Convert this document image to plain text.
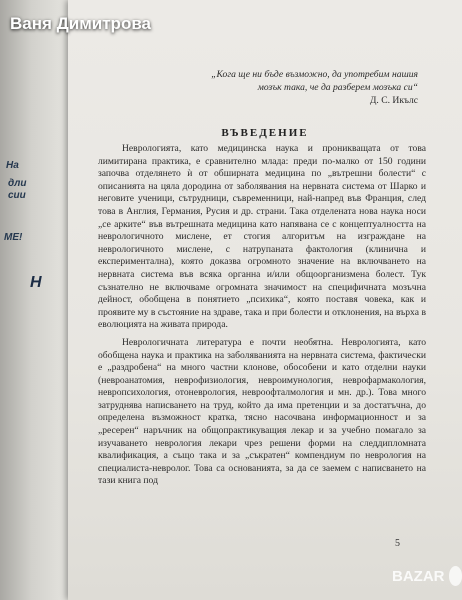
На
дли
сии
МЕ!
H
Ваня Димитрова
„Кога ще ни бъде възможно, да употребим нашия
мозък така, че да разберем мозъка си“
Д. С. Икълс
ВЪВЕДЕНИЕ

Неврологията, като медицинска наука и проникващата от това лимитирана практика, е сравнително млада: преди по-малко от 150 години започва отделянето ѝ от обширната медицина по „вътрешни болести“ с описанията на цяла дородина от заболявания на нервната система от Шарко и неговите ученици, сътрудници, съвременници, най-напред във Франция, след това в Англия, Германия, Русия и др. страни. Така отделената нова наука носи „се арките“ във вътрешната медицина като напявана се с концептуалността на неврологичното мислене, ет стогия алгоритъм на изграждане на неврологичното мислене, с натрупаната фактология (клинична и експериментална), която доказва огромното значение на включването на нервната система във всяка органна и/или общоорганизмена болест. Тук съзнателно не включваме огромната значимост на специфичната мозъчна дейност, обобщена в понятието „психика“, която поставя човека, как и проявите му в състояние на здраве, така и при болести и отклонения, на върха в еволюцията на живата природа.

Неврологичната литература е почти необятна. Неврологията, като обобщена наука и практика на заболяванията на нервната система, фактически е „раздробена“ на много частни клонове, обособени и като отделни науки (невроанатомия, неврофизиология, невроимунология, неврофармакология, невропсихология, отоневрология, невроофталмология и мн. др.). Това много затруднява написването на труд, който да има претенции и за достатъчна, до определена възможност кратка, тясно насочвана информационност и за „ресерен“ наръчник на общопрактикуващия лекар и за учебно помагало за изучаването неврология лекари чрез решени форми на следдипломната квалификация, а също така и за „съкратен“ компендиум по неврология на специалиста-невролог. Това са основанията, за да се заемем с написването на тази книга под

5
BAZAR
